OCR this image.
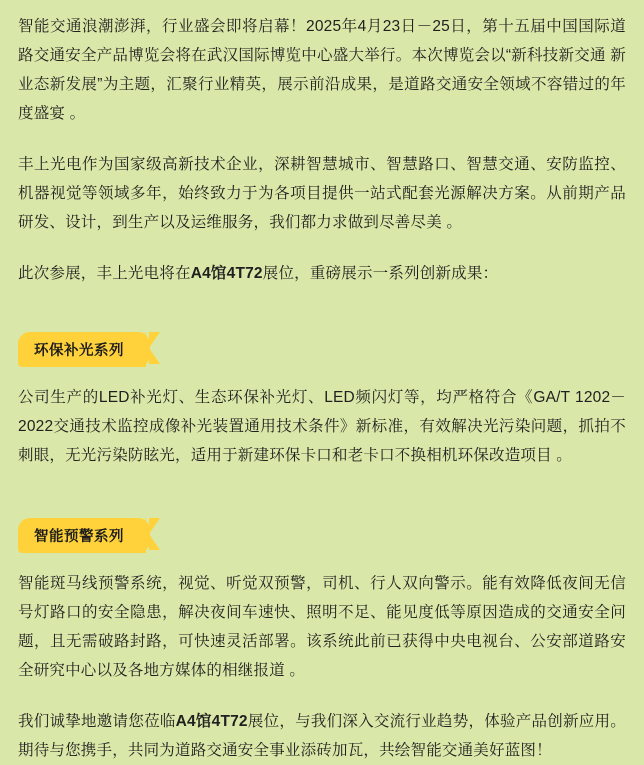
智能交通浪潮澎湃，行业盛会即将启幕！2025年4月23日－25日，第十五届中国国际道路交通安全产品博览会将在武汉国际博览中心盛大举行。本次博览会以“新科技新交通 新业态新发展”为主题，汇聚行业精英，展示前沿成果，是道路交通安全领域不容错过的年度盛宴 。

丰上光电作为国家级高新技术企业，深耕智慧城市、智慧路口、智慧交通、安防监控、机器视觉等领域多年，始终致力于为各项目提供一站式配套光源解决方案。从前期产品研发、设计，到生产以及运维服务，我们都力求做到尽善尽美 。

此次参展，丰上光电将在A4馆4T72展位，重磅展示一系列创新成果：

环保补光系列

公司生产的LED补光灯、生态环保补光灯、LED频闪灯等，均严格符合《GA/T 1202－2022交通技术监控成像补光装置通用技术条件》新标准，有效解决光污染问题，抓拍不刺眼，无光污染防眩光，适用于新建环保卡口和老卡口不换相机环保改造项目 。

智能预警系列

智能斑马线预警系统，视觉、听觉双预警，司机、行人双向警示。能有效降低夜间无信号灯路口的安全隐患，解决夜间车速快、照明不足、能见度低等原因造成的交通安全问题，且无需破路封路，可快速灵活部署。该系统此前已获得中央电视台、公安部道路安全研究中心以及各地方媒体的相继报道 。

我们诚挚地邀请您莅临A4馆4T72展位，与我们深入交流行业趋势，体验产品创新应用。期待与您携手，共同为道路交通安全事业添砖加瓦，共绘智能交通美好蓝图！
